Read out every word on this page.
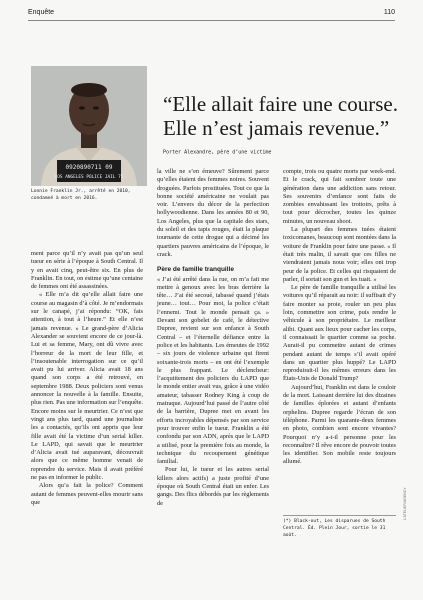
Enquête	110
0920890711 09
LOS ANGELES POLICE JAIL 72
Lonnie Franklin Jr., arrêté en 2010, condamné à mort en 2016.
“Elle allait faire une course. Elle n’est jamais revenue.” Porter Alexandre, père d’une victime

ment parce qu’il n’y avait pas qu’un seul tueur en série à l’époque à South Central. Il y en avait cinq, peut-être six. En plus de Franklin. En tout, on estime qu’une centaine de femmes ont été assassinées.

« Elle m’a dit qu’elle allait faire une course au magasin d’à côté. Je m’endormais sur le canapé, j’ai répondu: “OK, fais attention, à tout à l’heure.” Et elle n’est jamais revenue. » Le grand-père d’Alicia Alexander se souvient encore de ce jour-là. Lui et sa femme, Mary, ont dû vivre avec l’horreur de la mort de leur fille, et l’insoutenable interrogation sur ce qu’il avait pu lui arriver. Alicia avait 18 ans quand son corps a été retrouvé, en septembre 1988. Deux policiers sont venus annoncer la nouvelle à la famille. Ensuite, plus rien. Pas une information sur l’enquête. Encore moins sur le meurtrier. Ce n’est que vingt ans plus tard, quand une journaliste les a contactés, qu’ils ont appris que leur fille avait été la victime d’un serial killer. Le LAPD, qui savait que le meurtrier d’Alicia avait tué auparavant, découvrait alors que ce même homme venait de reprendre du service. Mais il avait préféré ne pas en informer le public.

Alors qu’a fait la police? Comment autant de femmes peuvent-elles mourir sans que

la ville ne s’en émeuve? Sûrement parce qu’elles étaient des femmes noires. Souvent droguées. Parfois prostituées. Tout ce que la bonne société américaine ne voulait pas voir. L’envers du décor de la perfection hollywoodienne. Dans les années 80 et 90, Los Angeles, plus que la capitale des stars, du soleil et des tapis rouges, était la plaque tournante de cette drogue qui a décimé les quartiers pauvres américains de l’époque, le crack.

Père de famille tranquille

« J’ai été arrêté dans la rue, on m’a fait me mettre à genoux avec les bras derrière la tête… J’ai été secoué, tabassé quand j’étais jeune… tout… Pour moi, la police c’était l’ennemi. Tout le monde pensait ça. » Devant son gobelet de café, le détective Dupree, revient sur son enfance à South Central – et l’éternelle défiance entre la police et les habitants. Les émeutes de 1992 – six jours de violence urbaine qui firent soixante-trois morts – en ont été l’exemple le plus frappant. Le déclencheur: l’acquittement des policiers du LAPD que le monde entier avait vus, grâce à une vidéo amateur, tabasser Rodney King à coup de matraque. Aujourd’hui passé de l’autre côté de la barrière, Dupree met en avant les efforts incroyables dépensés par son service pour trouver enfin le tueur. Franklin a été confondu par son ADN, après que le LAPD a utilisé, pour la première fois au monde, la technique du recoupement génétique familial.

Pour lui, le tueur et les autres serial killers alors actifs) a juste profité d’une époque où South Central était un enfer. Les gangs. Des flics débordés par les règlements de

compte, trois ou quatre morts par week-end. Et le crack, qui fait sombrer toute une génération dans une addiction sans retour. Ses souvenirs d’enfance sont faits de zombies envahissant les trottoirs, prêts à tout pour décrocher, toutes les quinze minutes, un nouveau shoot.

La plupart des femmes tuées étaient toxicomanes, beaucoup sont montées dans la voiture de Franklin pour faire une passe. « Il était très malin, il savait que ces filles ne viendraient jamais nous voir; elles ont trop peur de la police. Et celles qui risquaient de parler, il sortait son gun et les tuait. »

Le père de famille tranquille a utilisé les voitures qu’il réparait au noir: il suffisait d’y faire monter sa proie, rouler un peu plus loin, commettre son crime, puis rendre le véhicule à son propriétaire. Le meilleur alibi. Quant aux lieux pour cacher les corps, il connaissait le quartier comme sa poche. Aurait-il pu commettre autant de crimes pendant autant de temps s’il avait opéré dans un quartier plus huppé? Le LAPD reproduirait-il les mêmes erreurs dans les États-Unis de Donald Trump?

Aujourd’hui, Franklin est dans le couloir de la mort. Laissant derrière lui des dizaines de familles éplorées et autant d’enfants orphelins. Dupree regarde l’écran de son téléphone. Parmi les quarante-deux femmes en photo, combien sont encore vivantes? Pourquoi n’y a-t-il personne pour les reconnaître? Il rêve encore de pouvoir toutes les identifier. Son mobile reste toujours allumé.

(*) Black-out, Les disparues de South Central. Éd. Plein Jour, sortie le 31 août.
L’ATELIER/AGENCY
